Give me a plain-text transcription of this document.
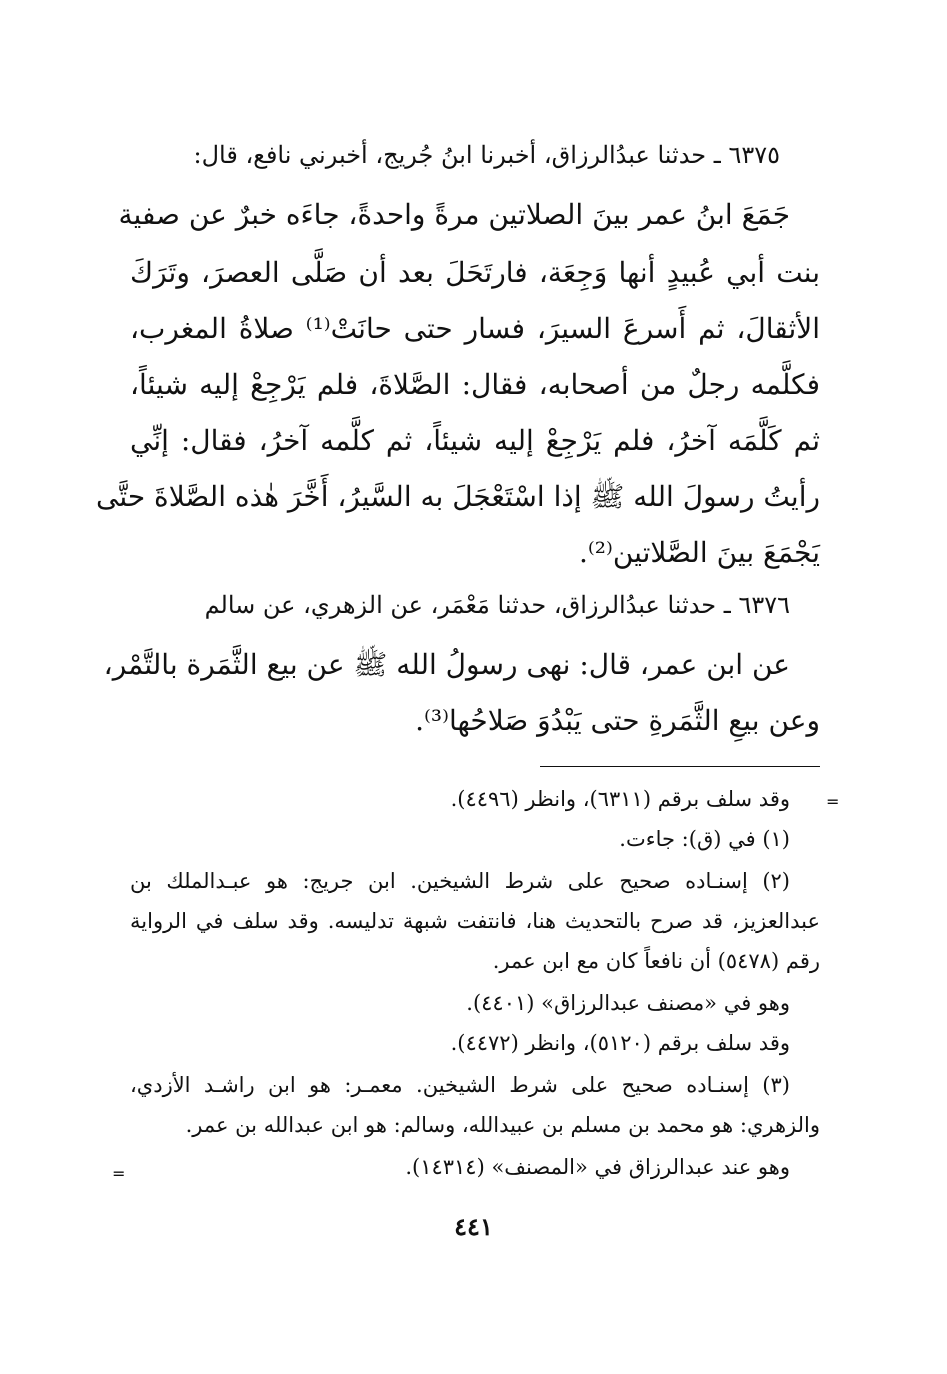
٦٣٧٥ ـ حدثنا عبدُالرزاق، أخبرنا ابنُ جُريج، أخبرني نافع، قال:
جَمَعَ ابنُ عمر بينَ الصلاتين مرةً واحدةً، جاءَه خبرٌ عن صفية
بنت أبي عُبيدٍ أنها وَجِعَة، فارتَحَلَ بعد أن صَلَّى العصرَ، وتَرَكَ
الأثقالَ، ثم أَسرعَ السيرَ، فسار حتى حانَتْ⁽¹⁾ صلاةُ المغرب،
فكلَّمه رجلٌ من أصحابه، فقال: الصَّلاةَ، فلم يَرْجِعْ إليه شيئاً،
ثم كَلَّمَه آخرُ، فلم يَرْجِعْ إليه شيئاً، ثم كلَّمه آخرُ، فقال: إنِّي
رأيتُ رسولَ الله ﷺ إذا اسْتَعْجَلَ به السَّيرُ، أَخَّرَ هٰذه الصَّلاةَ حتَّى
يَجْمَعَ بينَ الصَّلاتين⁽²⁾.
٦٣٧٦ ـ حدثنا عبدُالرزاق، حدثنا مَعْمَر، عن الزهري، عن سالم
عن ابن عمر، قال: نهى رسولُ الله ﷺ عن بيع الثَّمَرة بالتَّمْر،
وعن بيعِ الثَّمَرةِ حتى يَبْدُوَ صَلاحُها⁽³⁾.
وقد سلف برقم (٦٣١١)، وانظر (٤٤٩٦).
(١) في (ق): جاءت.
(٢) إسنـاده صحيح على شرط الشيخين. ابن جريج: هو عبـدالملك بن
عبدالعزيز، قد صرح بالتحديث هنا، فانتفت شبهة تدليسه. وقد سلف في الرواية
رقم (٥٤٧٨) أن نافعاً كان مع ابن عمر.
وهو في «مصنف عبدالرزاق» (٤٤٠١).
وقد سلف برقم (٥١٢٠)، وانظر (٤٤٧٢).
(٣) إسنـاده صحيح على شرط الشيخين. معمـر: هو ابن راشـد الأزدي،
والزهري: هو محمد بن مسلم بن عبيدالله، وسالم: هو ابن عبدالله بن عمر.
وهو عند عبدالرزاق في «المصنف» (١٤٣١٤).
=
=
٤٤١
